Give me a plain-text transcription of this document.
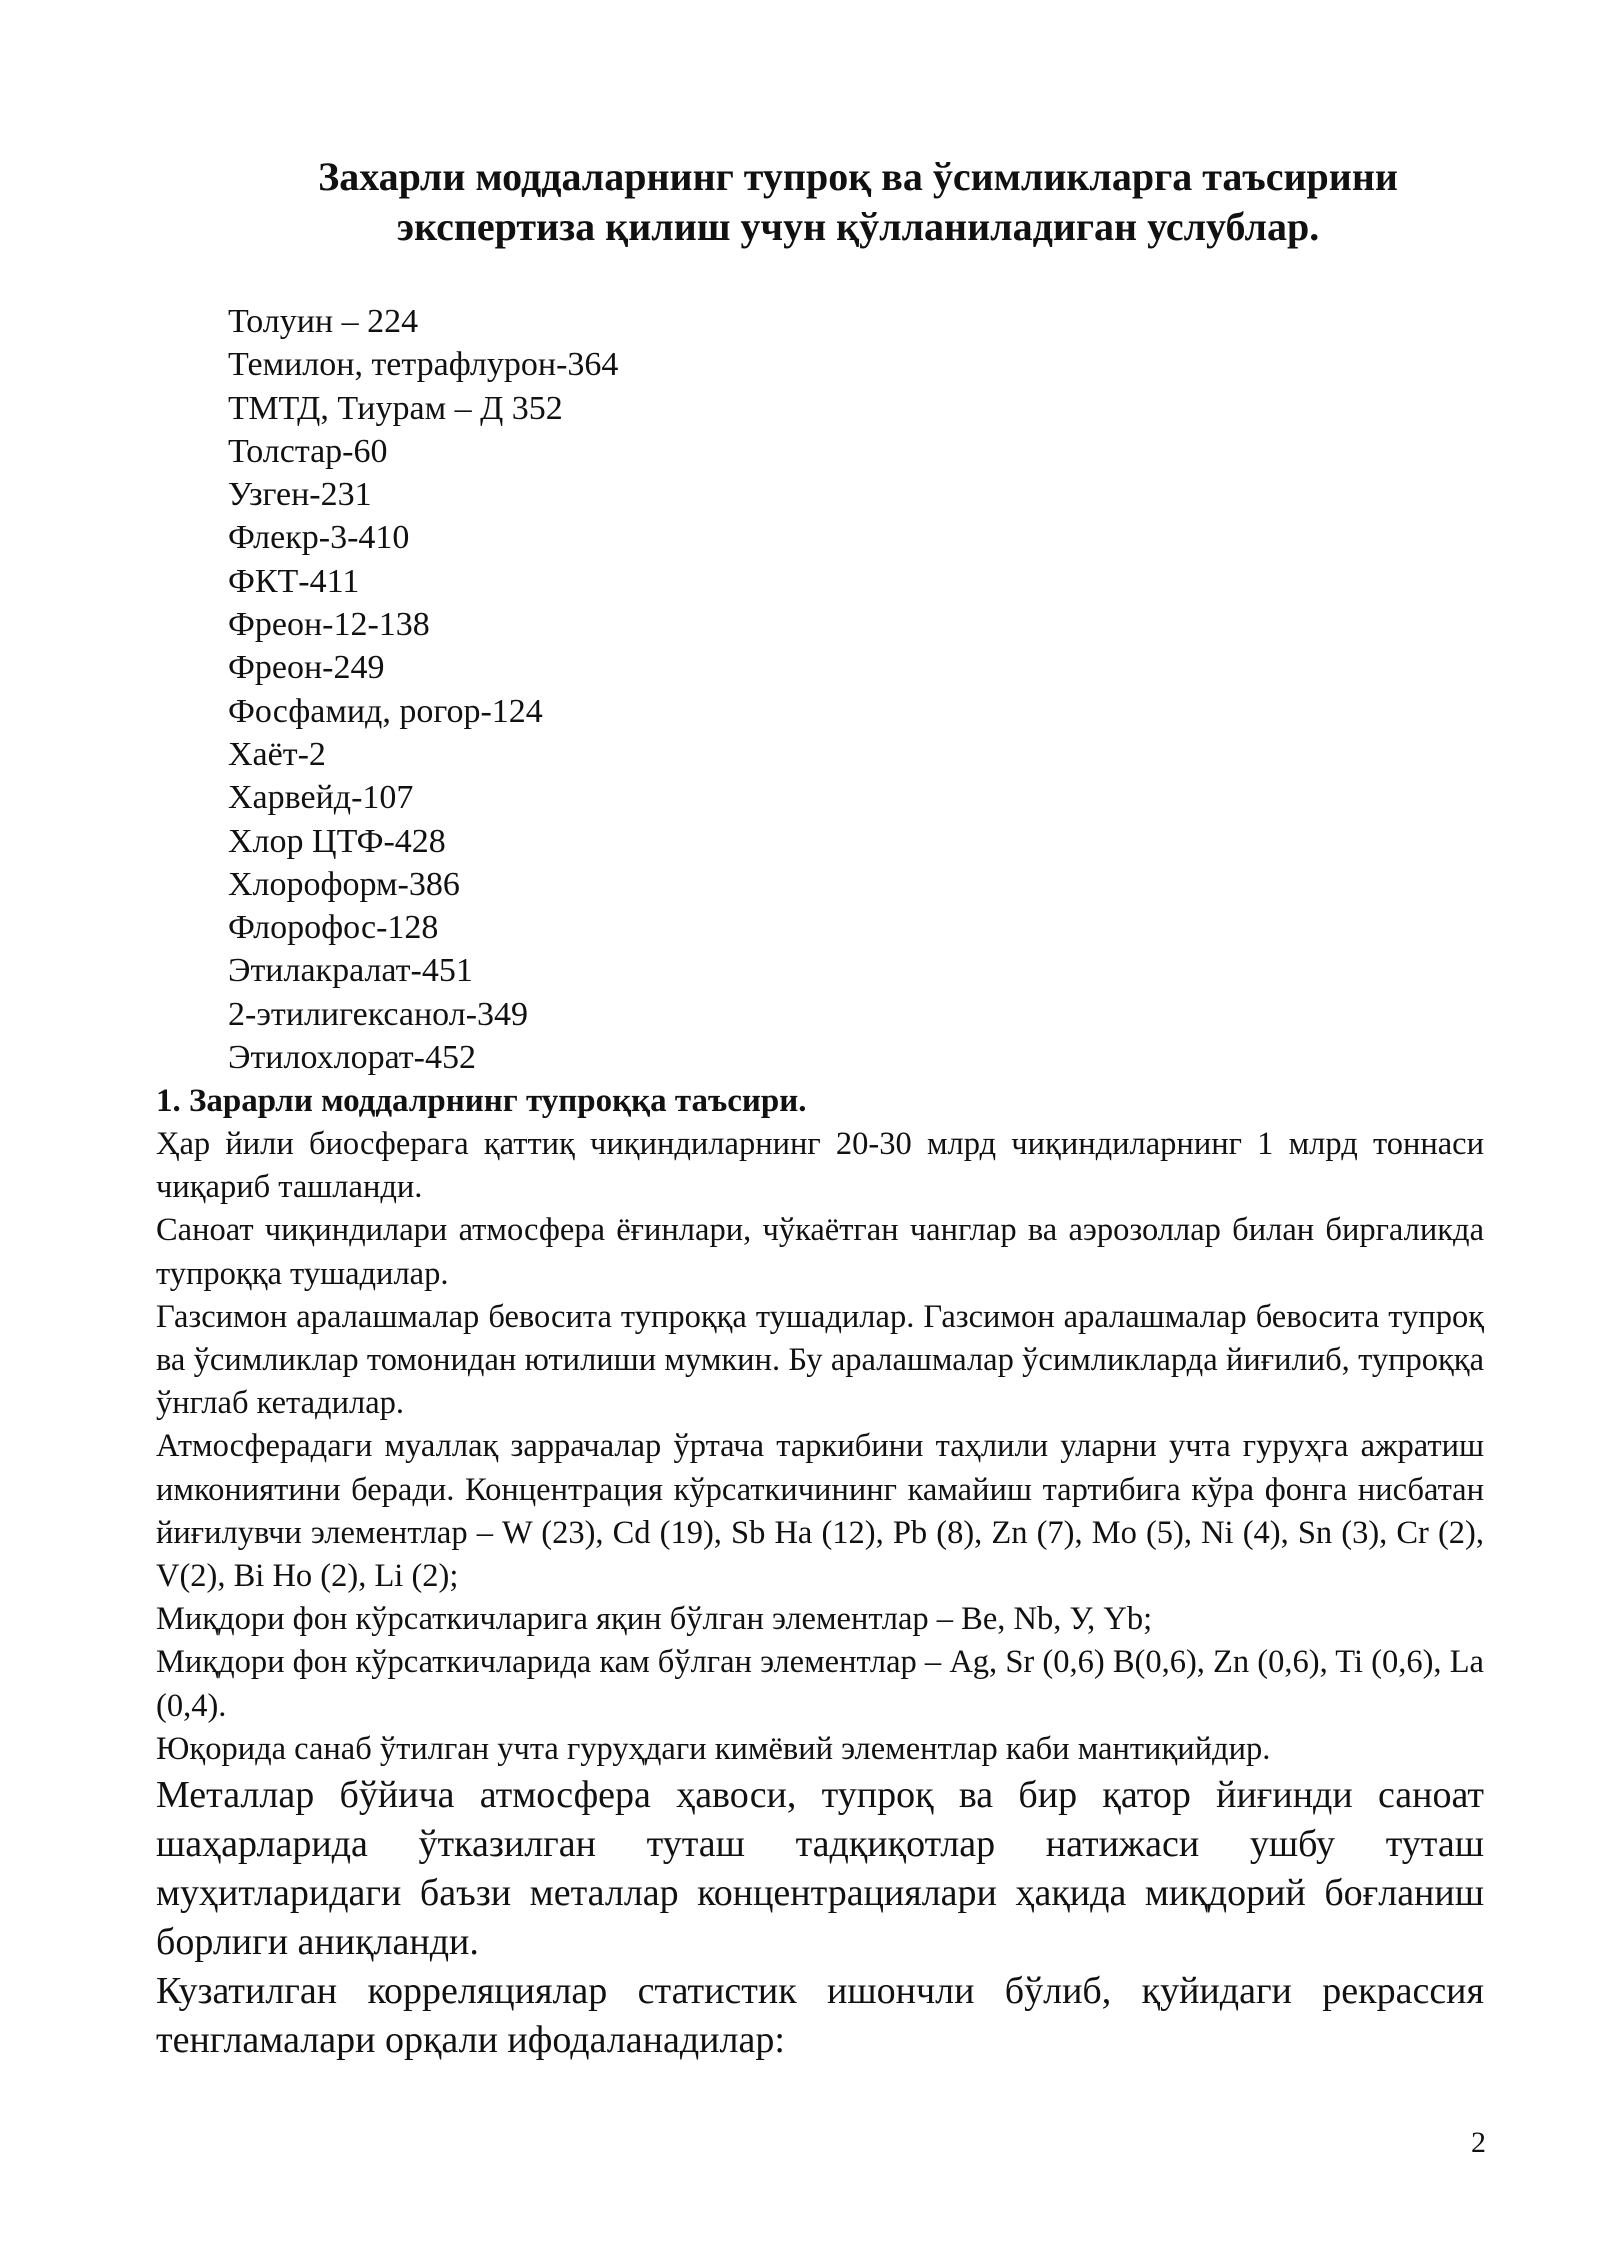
Захарли моддаларнинг тупроқ ва ўсимликларга таъсирини
экспертиза қилиш учун қўлланиладиган услублар.
Толуин – 224
Темилон, тетрафлурон-364
ТМТД, Тиурам – Д 352
Толстар-60
Узген-231
Флекр-3-410
ФКТ-411
Фреон-12-138
Фреон-249
Фосфамид, рогор-124
Хаёт-2
Харвейд-107
Хлор ЦТФ-428
Хлороформ-386
Флорофос-128
Этилакралат-451
2-этилигексанол-349
Этилохлорат-452
1. Зарарли моддалрнинг тупроққа таъсири.

Ҳар йили биосферага қаттиқ чиқиндиларнинг 20-30 млрд чиқиндиларнинг 1 млрд тоннаси чиқариб ташланди.

Саноат чиқиндилари атмосфера ёғинлари, чўкаётган чанглар ва аэрозоллар билан биргаликда тупроққа тушадилар.

Газсимон аралашмалар бевосита тупроққа тушадилар. Газсимон аралашмалар бевосита тупроқ ва ўсимликлар томонидан ютилиши мумкин. Бу аралашмалар ўсимликларда йиғилиб, тупроққа ўнглаб кетадилар.

Атмосферадаги муаллақ заррачалар ўртача таркибини таҳлили уларни учта гуруҳга ажратиш имкониятини беради. Концентрация кўрсаткичининг камайиш тартибига кўра фонга нисбатан йиғилувчи элементлар – W (23), Cd (19), Sb Ha (12), Pb (8), Zn (7), Mo (5), Ni (4), Sn (3), Cr (2), V(2), Bi Ho (2), Li (2);

Миқдори фон кўрсаткичларига яқин бўлган элементлар – Be, Nb, У, Yb;

Миқдори фон кўрсаткичларида кам бўлган элементлар – Ag, Sr (0,6) B(0,6), Zn (0,6), Ti (0,6), La (0,4).

Юқорида санаб ўтилган учта гуруҳдаги кимёвий элементлар каби мантиқийдир.

Металлар бўйича атмосфера ҳавоси, тупроқ ва бир қатор йиғинди саноат шаҳарларида ўтказилган туташ тадқиқотлар натижаси ушбу туташ муҳитларидаги баъзи металлар концентрациялари ҳақида миқдорий боғланиш борлиги аниқланди.

Кузатилган корреляциялар статистик ишончли бўлиб, қуйидаги рекрассия тенгламалари орқали ифодаланадилар:

2
